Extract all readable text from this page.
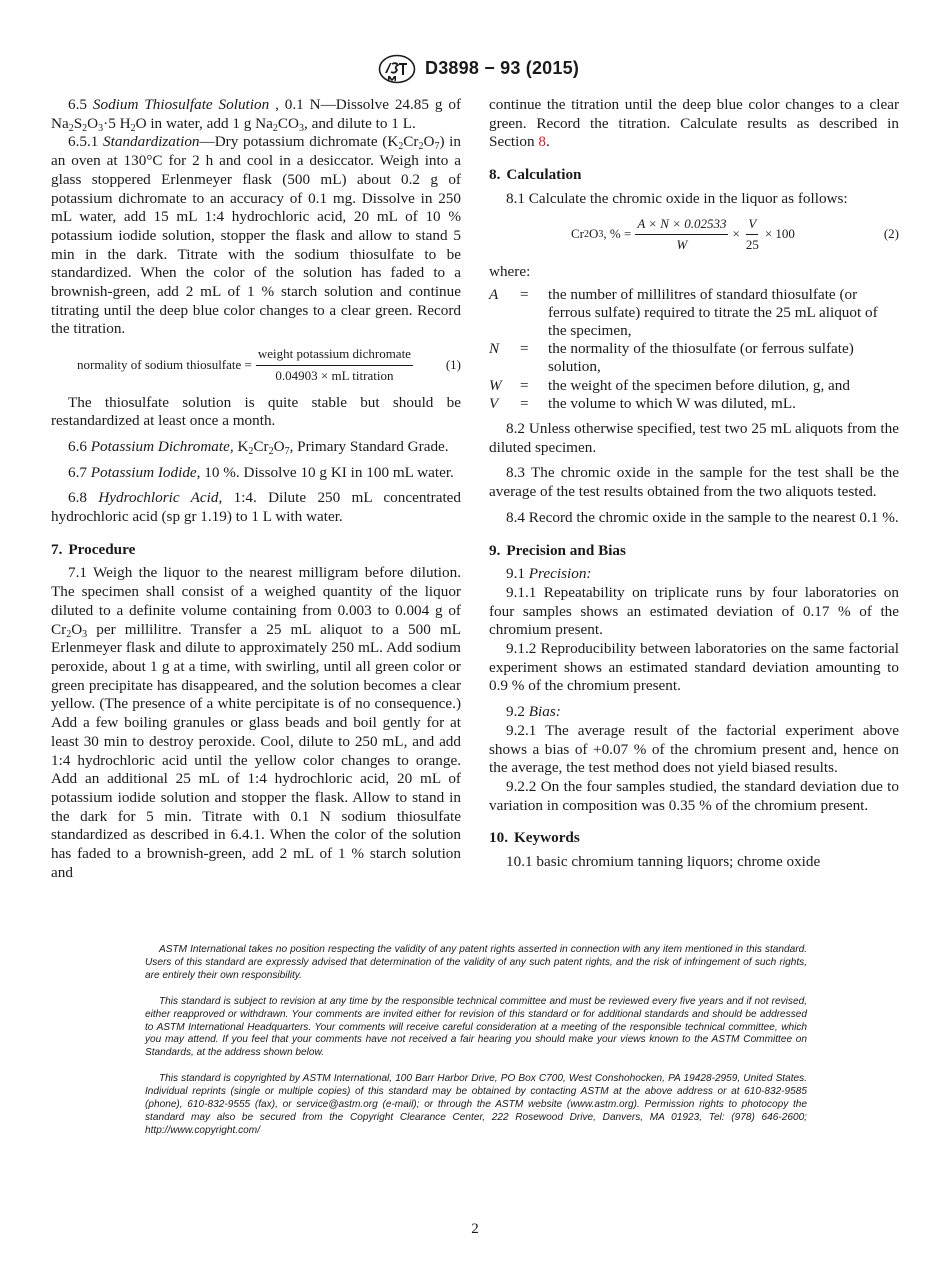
D3898 − 93 (2015)

6.5 Sodium Thiosulfate Solution , 0.1 N—Dissolve 24.85 g of $Na_2S_2O_3\cdot 5$ $H_2O$ in water, add 1 g $Na_2CO_3$, and dilute to 1 L.

6.5.1 Standardization—Dry potassium dichromate $(K_2Cr_2O_7)$ in an oven at 130°C for 2 h and cool in a desiccator. Weigh into a glass stoppered Erlenmeyer flask (500 mL) about 0.2 g of potassium dichromate to an accuracy of 0.1 mg. Dissolve in 250 mL water, add 15 mL 1:4 hydrochloric acid, 20 mL of 10 % potassium iodide solution, stopper the flask and allow to stand 5 min in the dark. Titrate with the sodium thiosulfate to be standardized. When the color of the solution has faded to a brownish-green, add 2 mL of 1 % starch solution and continue titrating until the deep blue color changes to a clear green. Record the titration.

normality of sodium thiosulfate = $\frac{\text{weight potassium dichromate}}{\text{0.04903 × mL titration}}$	(1)

The thiosulfate solution is quite stable but should be restandardized at least once a month.

6.6 Potassium Dichromate, $K_2Cr_2O_7$, Primary Standard Grade.

6.7 Potassium Iodide, 10 %. Dissolve 10 g KI in 100 mL water.

6.8 Hydrochloric Acid, 1:4. Dilute 250 mL concentrated hydrochloric acid (sp gr 1.19) to 1 L with water.

7. Procedure

7.1 Weigh the liquor to the nearest milligram before dilution. The specimen shall consist of a weighed quantity of the liquor diluted to a definite volume containing from 0.003 to 0.004 g of $Cr_2O_3$ per millilitre. Transfer a 25 mL aliquot to a 500 mL Erlenmeyer flask and dilute to approximately 250 mL. Add sodium peroxide, about 1 g at a time, with swirling, until all green color or green precipitate has disappeared, and the solution becomes a clear yellow. (The presence of a white percipitate is of no consequence.) Add a few boiling granules or glass beads and boil gently for at least 30 min to destroy peroxide. Cool, dilute to 250 mL, and add 1:4 hydrochloric acid until the yellow color changes to orange. Add an additional 25 mL of 1:4 hydrochloric acid, 20 mL of potassium iodide solution and stopper the flask. Allow to stand in the dark for 5 min. Titrate with 0.1 N sodium thiosulfate standardized as described in 6.4.1. When the color of the solution has faded to a brownish-green, add 2 mL of 1 % starch solution and

continue the titration until the deep blue color changes to a clear green. Record the titration. Calculate results as described in Section 8.

8. Calculation

8.1 Calculate the chromic oxide in the liquor as follows:

Cr 2 O 3 , % = $\frac{A \times N \times 0.02533}{W} \times \frac{V}{25} \times 100$	(2)

where:

A	=	the number of millilitres of standard thiosulfate (or ferrous sulfate) required to titrate the 25 mL aliquot of the specimen,
N	=	the normality of the thiosulfate (or ferrous sulfate) solution,
W	=	the weight of the specimen before dilution, g, and
V	=	the volume to which W was diluted, mL.

8.2 Unless otherwise specified, test two 25 mL aliquots from the diluted specimen.

8.3 The chromic oxide in the sample for the test shall be the average of the test results obtained from the two aliquots tested.

8.4 Record the chromic oxide in the sample to the nearest 0.1 %.

9. Precision and Bias

9.1 Precision:

9.1.1 Repeatability on triplicate runs by four laboratories on four samples shows an estimated deviation of 0.17 % of the chromium present.

9.1.2 Reproducibility between laboratories on the same factorial experiment shows an estimated standard deviation amounting to 0.9 % of the chromium present.

9.2 Bias:

9.2.1 The average result of the factorial experiment above shows a bias of +0.07 % of the chromium present and, hence on the average, the test method does not yield biased results.

9.2.2 On the four samples studied, the standard deviation due to variation in composition was 0.35 % of the chromium present.

10. Keywords

10.1 basic chromium tanning liquors; chrome oxide

ASTM International takes no position respecting the validity of any patent rights asserted in connection with any item mentioned in this standard. Users of this standard are expressly advised that determination of the validity of any such patent rights, and the risk of infringement of such rights, are entirely their own responsibility.

This standard is subject to revision at any time by the responsible technical committee and must be reviewed every five years and if not revised, either reapproved or withdrawn. Your comments are invited either for revision of this standard or for additional standards and should be addressed to ASTM International Headquarters. Your comments will receive careful consideration at a meeting of the responsible technical committee, which you may attend. If you feel that your comments have not received a fair hearing you should make your views known to the ASTM Committee on Standards, at the address shown below.

This standard is copyrighted by ASTM International, 100 Barr Harbor Drive, PO Box C700, West Conshohocken, PA 19428-2959, United States. Individual reprints (single or multiple copies) of this standard may be obtained by contacting ASTM at the above address or at 610-832-9585 (phone), 610-832-9555 (fax), or service@astm.org (e-mail); or through the ASTM website (www.astm.org). Permission rights to photocopy the standard may also be secured from the Copyright Clearance Center, 222 Rosewood Drive, Danvers, MA 01923, Tel: (978) 646-2600; http://www.copyright.com/

2
